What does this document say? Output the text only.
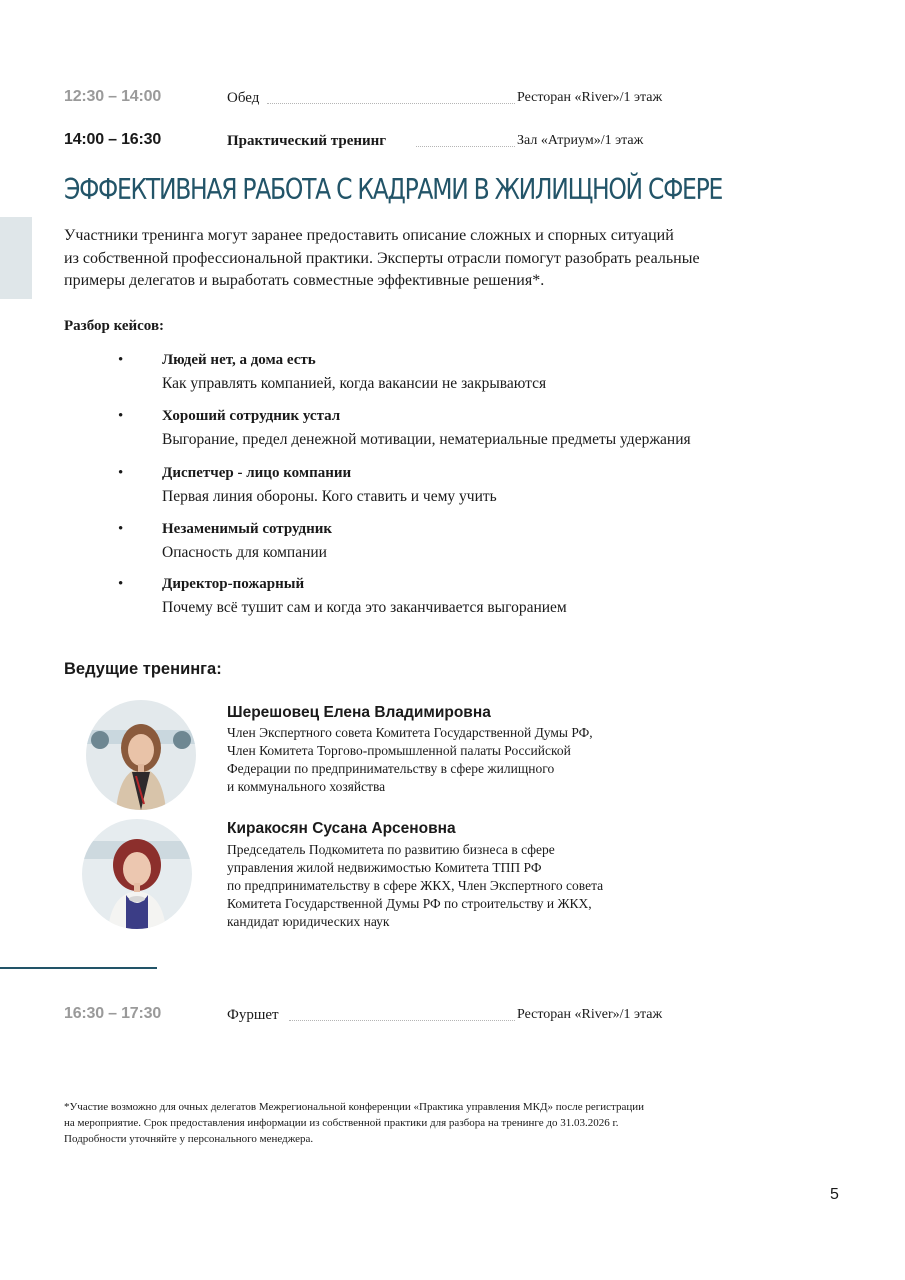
12:30 – 14:00	Обед	Ресторан «River»/1 этаж
14:00 – 16:30	Практический тренинг	Зал «Атриум»/1 этаж
ЭФФЕКТИВНАЯ РАБОТА С КАДРАМИ В ЖИЛИЩНОЙ СФЕРЕ

Участники тренинга могут заранее предоставить описание сложных и спорных ситуаций
из собственной профессиональной практики. Эксперты отрасли помогут разобрать реальные
примеры делегатов и выработать совместные эффективные решения*.

Разбор кейсов:

•	Людей нет, а дома есть
Как управлять компанией, когда вакансии не закрываются
•	Хороший сотрудник устал
Выгорание, предел денежной мотивации, нематериальные предметы удержания
•	Диспетчер - лицо компании
Первая линия обороны. Кого ставить и чему учить
•	Незаменимый сотрудник
Опасность для компании
•	Директор-пожарный
Почему всё тушит сам и когда это заканчивается выгоранием

Ведущие тренинга:

Шерешовец Елена Владимировна

Член Экспертного совета Комитета Государственной Думы РФ,
Член Комитета Торгово-промышленной палаты Российской
Федерации по предпринимательству в сфере жилищного
и коммунального хозяйства

Киракосян Сусана Арсеновна

Председатель Подкомитета по развитию бизнеса в сфере
управления жилой недвижимостью Комитета ТПП РФ
по предпринимательству в сфере ЖКХ, Член Экспертного совета
Комитета Государственной Думы РФ по строительству и ЖКХ,
кандидат юридических наук

16:30 – 17:30	Фуршет	Ресторан «River»/1 этаж

*Участие возможно для очных делегатов Межрегиональной конференции «Практика управления МКД» после регистрации
на мероприятие. Срок предоставления информации из собственной практики для разбора на тренинге до 31.03.2026 г.
Подробности уточняйте у персонального менеджера.

5
